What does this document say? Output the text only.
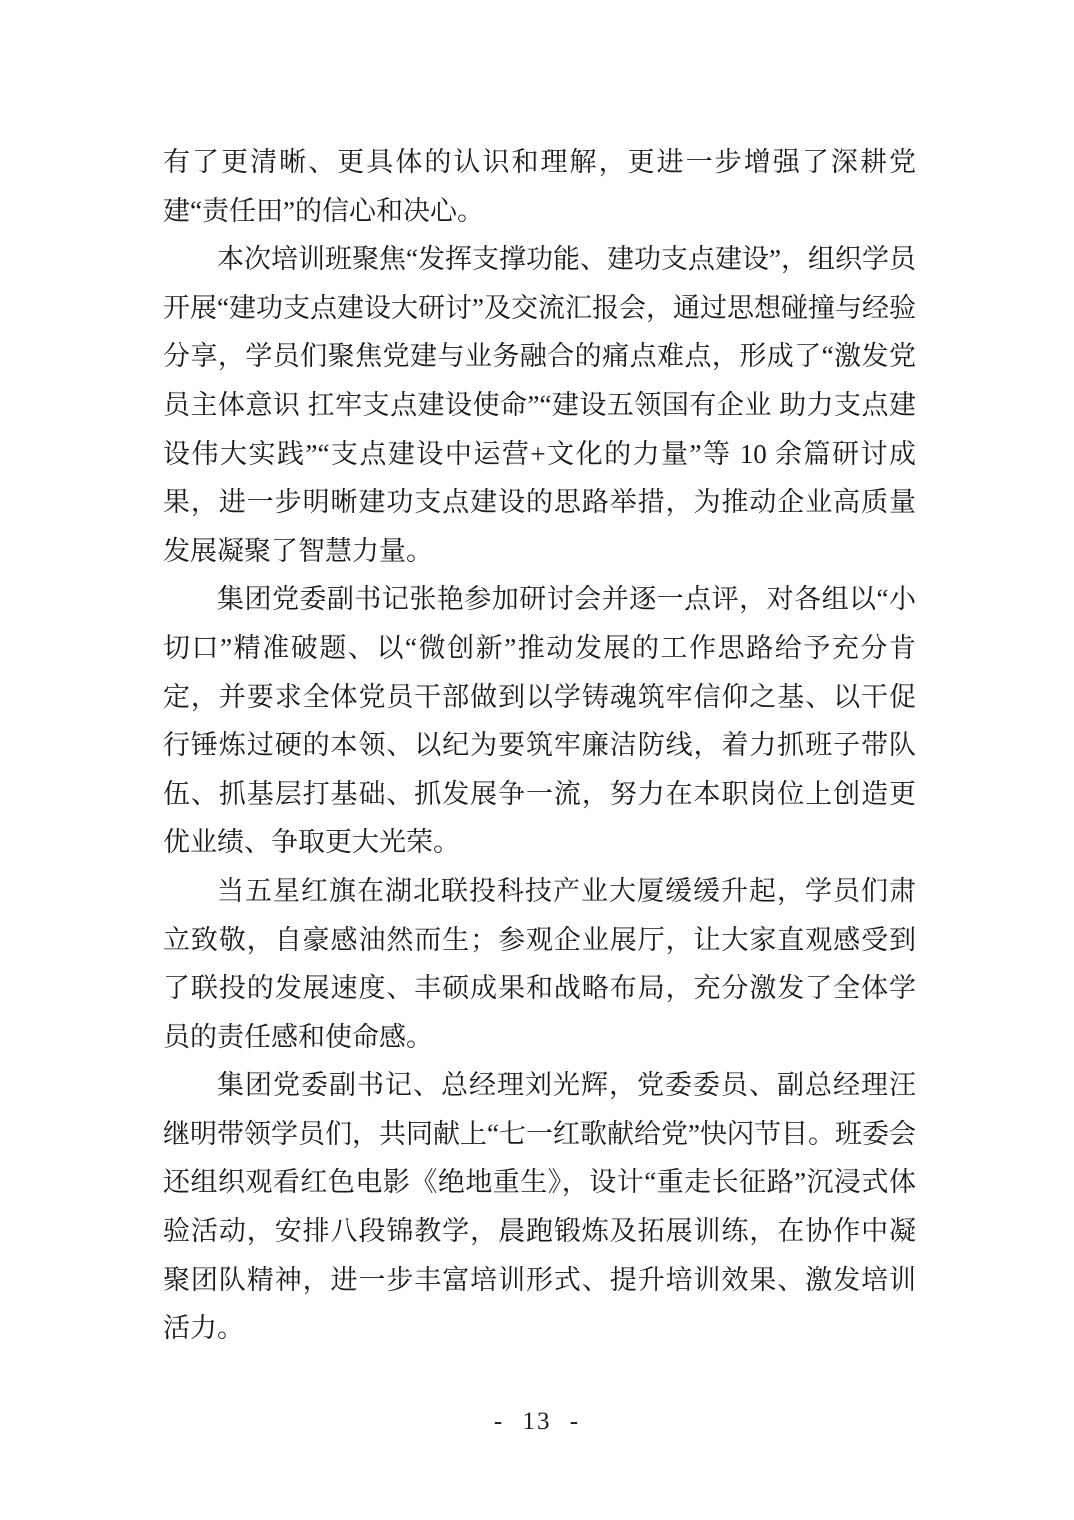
有了更清晰、更具体的认识和理解，更进一步增强了深耕党建“责任田”的信心和决心。

本次培训班聚焦“发挥支撑功能、建功支点建设”，组织学员开展“建功支点建设大研讨”及交流汇报会，通过思想碰撞与经验分享，学员们聚焦党建与业务融合的痛点难点，形成了“激发党员主体意识 扛牢支点建设使命”“建设五领国有企业 助力支点建设伟大实践”“支点建设中运营+文化的力量”等 10 余篇研讨成果，进一步明晰建功支点建设的思路举措，为推动企业高质量发展凝聚了智慧力量。

集团党委副书记张艳参加研讨会并逐一点评，对各组以“小切口”精准破题、以“微创新”推动发展的工作思路给予充分肯定，并要求全体党员干部做到以学铸魂筑牢信仰之基、以干促行锤炼过硬的本领、以纪为要筑牢廉洁防线，着力抓班子带队伍、抓基层打基础、抓发展争一流，努力在本职岗位上创造更优业绩、争取更大光荣。

当五星红旗在湖北联投科技产业大厦缓缓升起，学员们肃立致敬，自豪感油然而生；参观企业展厅，让大家直观感受到了联投的发展速度、丰硕成果和战略布局，充分激发了全体学员的责任感和使命感。

集团党委副书记、总经理刘光辉，党委委员、副总经理汪继明带领学员们，共同献上“七一红歌献给党”快闪节目。班委会还组织观看红色电影《绝地重生》，设计“重走长征路”沉浸式体验活动，安排八段锦教学，晨跑锻炼及拓展训练，在协作中凝聚团队精神，进一步丰富培训形式、提升培训效果、激发培训活力。

- 13 -
